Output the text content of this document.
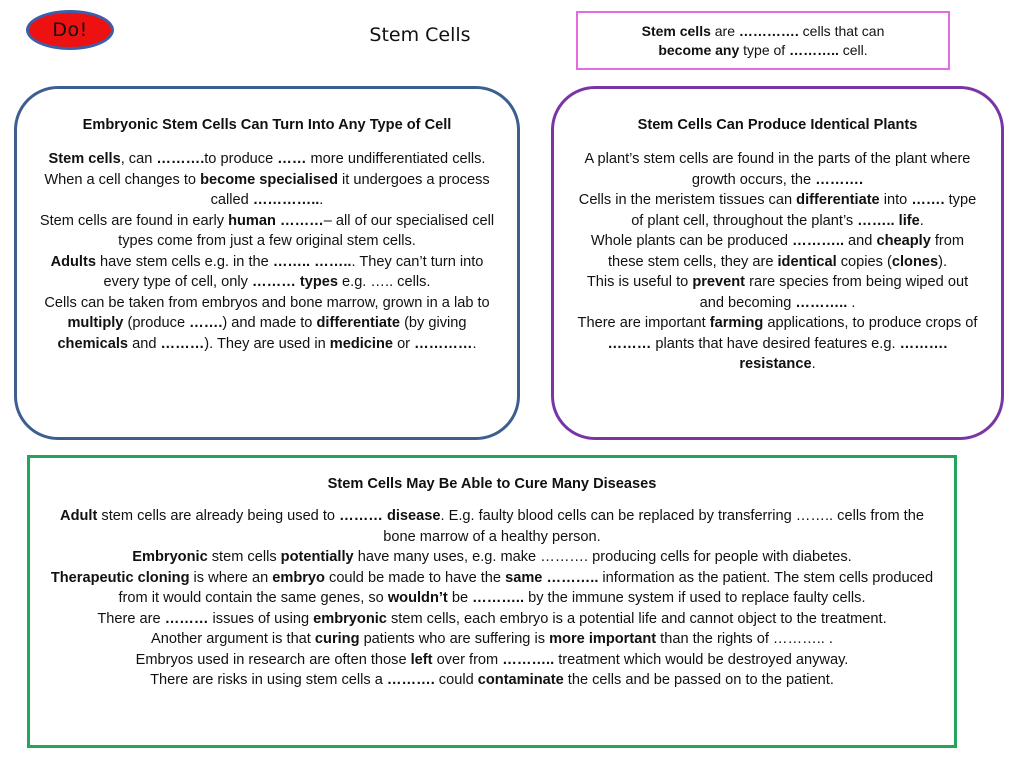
Do!	Stem Cells	Stem cells are …………. cells that can
become any type of ……….. cell.
Embryonic Stem Cells Can Turn Into Any Type of Cell

Stem cells, can ……….to produce …… more undifferentiated cells.
When a cell changes to become specialised it undergoes a process called …………...
Stem cells are found in early human ………– all of our specialised cell types come from just a few original stem cells.
Adults have stem cells e.g. in the …….. ……... They can’t turn into every type of cell, only ……… types e.g. ….. cells.
Cells can be taken from embryos and bone marrow, grown in a lab to multiply (produce …….) and made to differentiate (by giving chemicals and ………). They are used in medicine or ………….

Stem Cells Can Produce Identical Plants

A plant’s stem cells are found in the parts of the plant where growth occurs, the ……….
Cells in the meristem tissues can differentiate into ……. type of plant cell, throughout the plant’s …….. life.
Whole plants can be produced ……….. and cheaply from these stem cells, they are identical copies (clones).
This is useful to prevent rare species from being wiped out and becoming ……….. .
There are important farming applications, to produce crops of ……… plants that have desired features e.g. ………. resistance.

Stem Cells May Be Able to Cure Many Diseases

Adult stem cells are already being used to ……… disease. E.g. faulty blood cells can be replaced by transferring …….. cells from the bone marrow of a healthy person.
Embryonic stem cells potentially have many uses, e.g. make ………. producing cells for people with diabetes.
Therapeutic cloning is where an embryo could be made to have the same ……….. information as the patient. The stem cells produced from it would contain the same genes, so wouldn’t be ……….. by the immune system if used to replace faulty cells.
There are ……… issues of using embryonic stem cells, each embryo is a potential life and cannot object to the treatment.
Another argument is that curing patients who are suffering is more important than the rights of ……….. .
Embryos used in research are often those left over from ……….. treatment which would be destroyed anyway.
There are risks in using stem cells a ………. could contaminate the cells and be passed on to the patient.
